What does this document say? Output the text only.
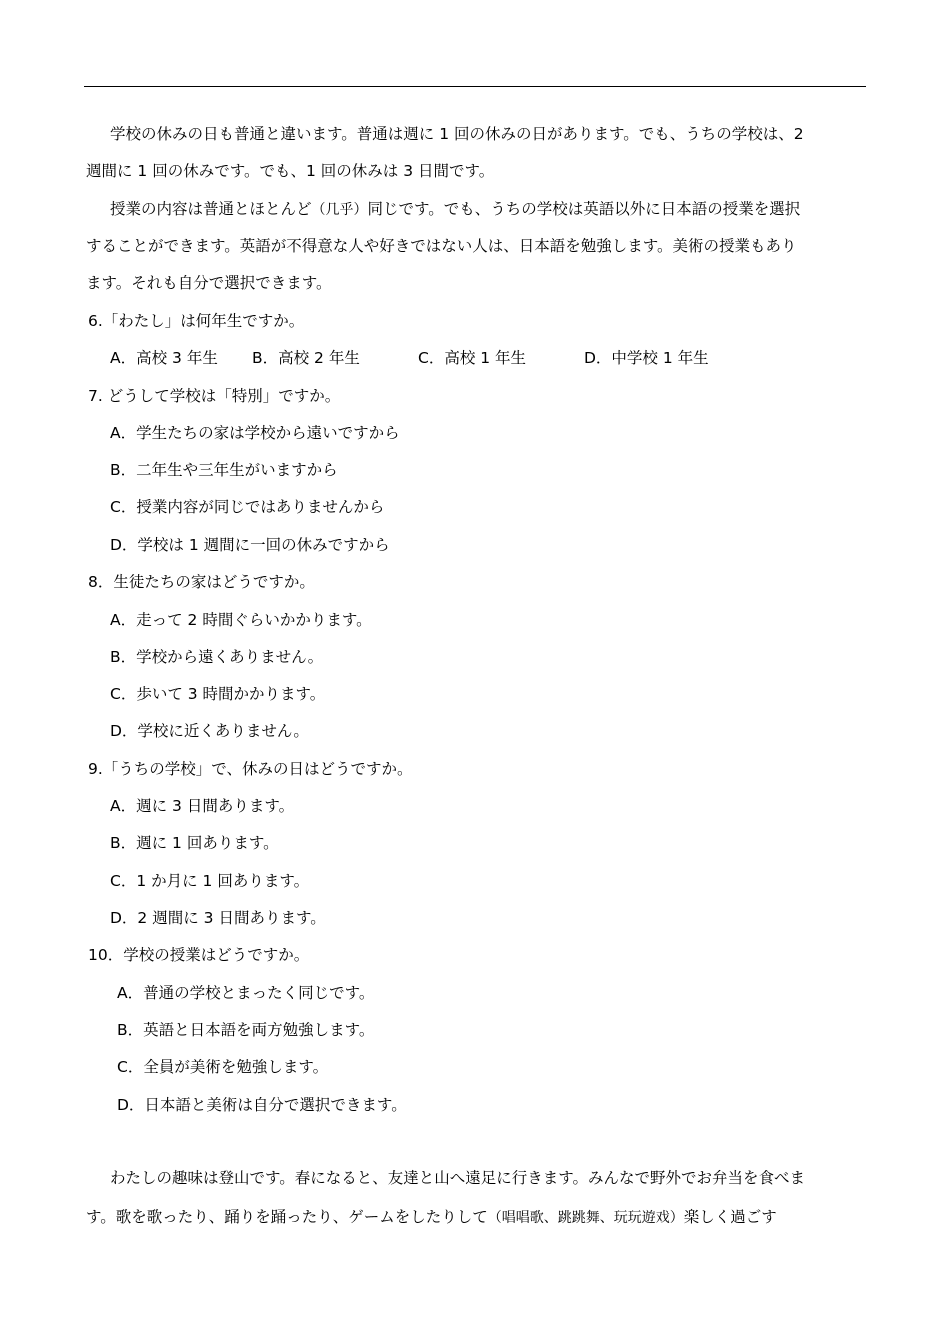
学校の休みの日も普通と違います。普通は週に 1 回の休みの日があります。でも、うちの学校は、2
週間に 1 回の休みです。でも、1 回の休みは 3 日間です。
授業の内容は普通とほとんど（几乎）同じです。でも、うちの学校は英語以外に日本語の授業を選択
することができます。英語が不得意な人や好きではない人は、日本語を勉強します。美術の授業もあり
ます。それも自分で選択できます。
6.「わたし」は何年生ですか。
A．高校 3 年生 B．高校 2 年生	C．高校 1 年生	D．中学校 1 年生
7. どうして学校は「特別」ですか。
A．学生たちの家は学校から遠いですから
B．二年生や三年生がいますから
C．授業内容が同じではありませんから
D．学校は 1 週間に一回の休みですから
8．生徒たちの家はどうですか。
A．走って 2 時間ぐらいかかります。
B．学校から遠くありません。
C．歩いて 3 時間かかります。
D．学校に近くありません。
9.「うちの学校」で、休みの日はどうですか。
A．週に 3 日間あります。
B．週に 1 回あります。
C．1 か月に 1 回あります。
D．2 週間に 3 日間あります。
10．学校の授業はどうですか。
A．普通の学校とまったく同じです。
B．英語と日本語を両方勉強します。
C．全員が美術を勉強します。
D．日本語と美術は自分で選択できます。
わたしの趣味は登山です。春になると、友達と山へ遠足に行きます。みんなで野外でお弁当を食べま
す。歌を歌ったり、踊りを踊ったり、ゲームをしたりして（唱唱歌、跳跳舞、玩玩遊戏）楽しく過ごす
